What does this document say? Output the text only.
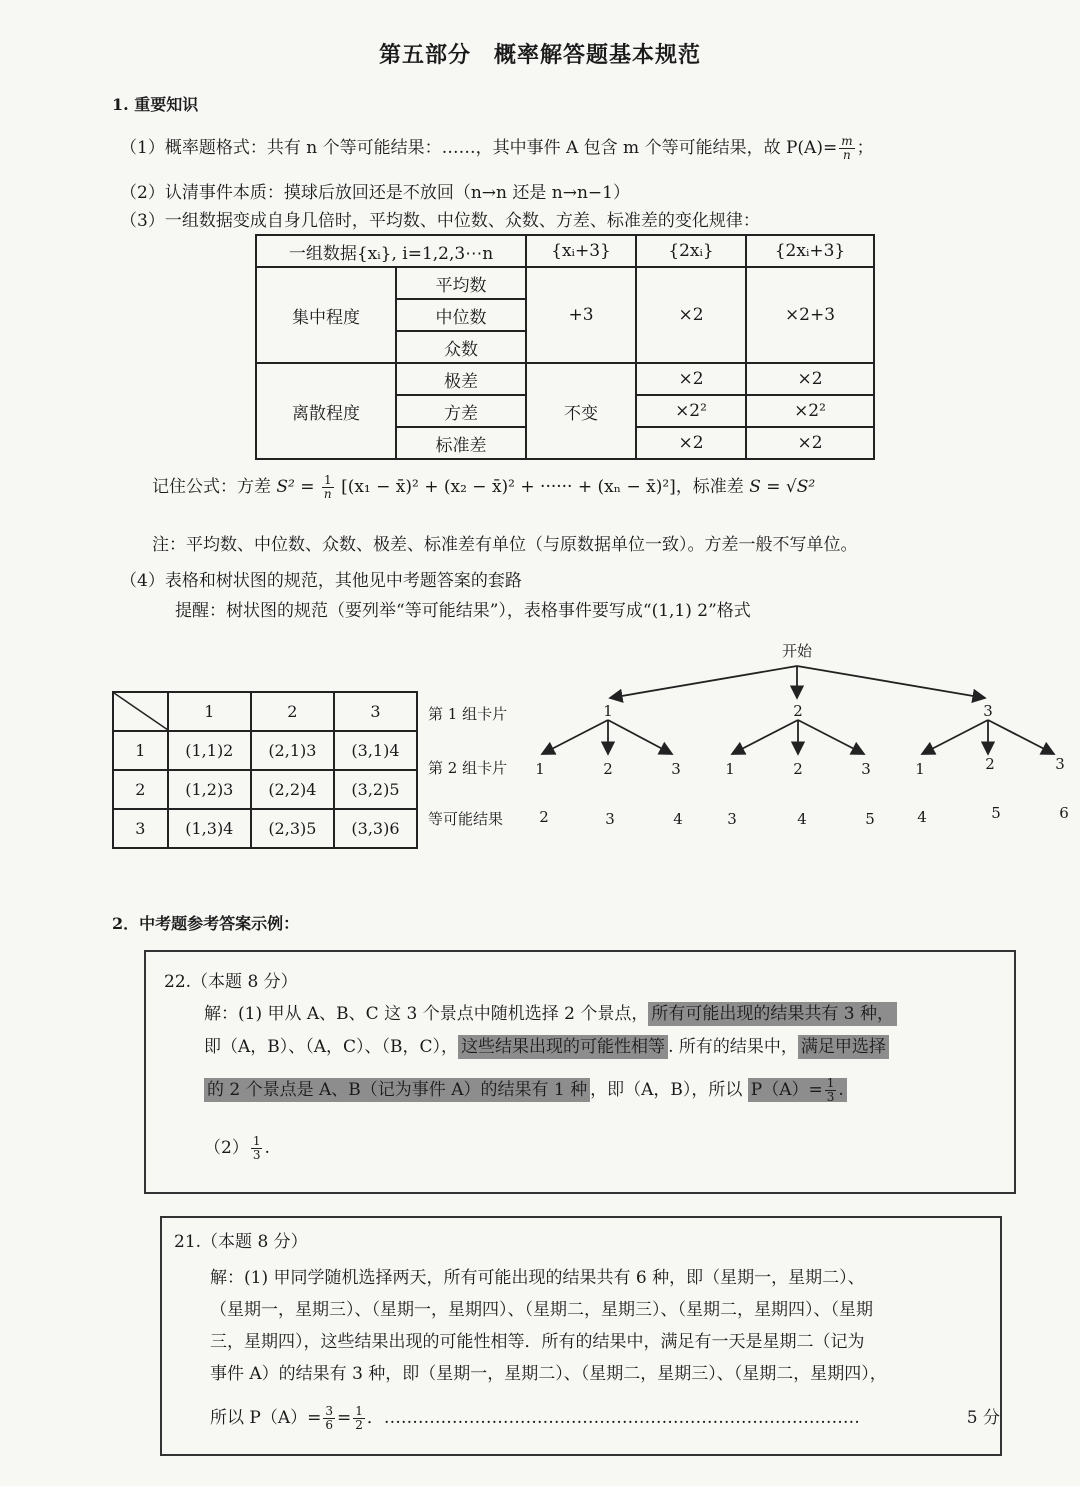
第五部分　概率解答题基本规范
1. 重要知识
（1）概率题格式：共有 n 个等可能结果：……，其中事件 A 包含 m 个等可能结果，故 $P(A)= \frac{m}{n}$ ；
（2）认清事件本质：摸球后放回还是不放回（n→n 还是 n→n−1）
（3）一组数据变成自身几倍时，平均数、中位数、众数、方差、标准差的变化规律：
一组数据{xᵢ}, i=1,2,3⋯n		{xᵢ+3}	{2xᵢ}	{2xᵢ+3}
集中程度	平均数	+3	×2	×2+3
	中位数			
	众数			
离散程度	极差	不变	×2	×2
	方差		×2²	×2²
	标准差		×2	×2
记住公式：方差 $S^2 = \frac{1}{n} [(x_1$ − x̄)² + (x₂ − x̄)² + ······ + (xₙ − x̄)²]，标准差 S = √S²
注：平均数、中位数、众数、极差、标准差有单位（与原数据单位一致）。方差一般不写单位。
（4）表格和树状图的规范，其他见中考题答案的套路
提醒：树状图的规范（要列举“等可能结果”），表格事件要写成“(1,1) 2”格式
	1	2	3
1	(1,1)2	(2,1)3	(3,1)4
2	(1,2)3	(2,2)4	(3,2)5
3	(1,3)4	(2,3)5	(3,3)6
第 1 组卡片
第 2 组卡片
等可能结果
开始
1	2	3
1	2	3	1	2	3	1	2	3
2	3	4	3	4	5	4	5	6
2．中考题参考答案示例：
22.（本题 8 分）
解：(1) 甲从 A、B、C 这 3 个景点中随机选择 2 个景点， 所有可能出现的结果共有 3 种，
即（A，B）、（A，C）、（B，C）， 这些结果出现的可能性相等 . 所有的结果中， 满足甲选择
的 2 个景点是 A、B（记为事件 A）的结果有 1 种 ，即（A，B），所以 $P(A)= \frac{1}{3}$ .
$(2) \frac{1}{3}$ .
21.（本题 8 分）
解：(1) 甲同学随机选择两天，所有可能出现的结果共有 6 种，即（星期一，星期二）、
（星期一，星期三）、（星期一，星期四）、（星期二，星期三）、（星期二，星期四）、（星期
三，星期四），这些结果出现的可能性相等．所有的结果中，满足有一天是星期二（记为
事件 A）的结果有 3 种，即（星期一，星期二）、（星期二，星期三）、（星期二，星期四），
所以 $P(A)= \frac{3}{6} = \frac{1}{2}$ ．…………………………………………………………………………	5 分
